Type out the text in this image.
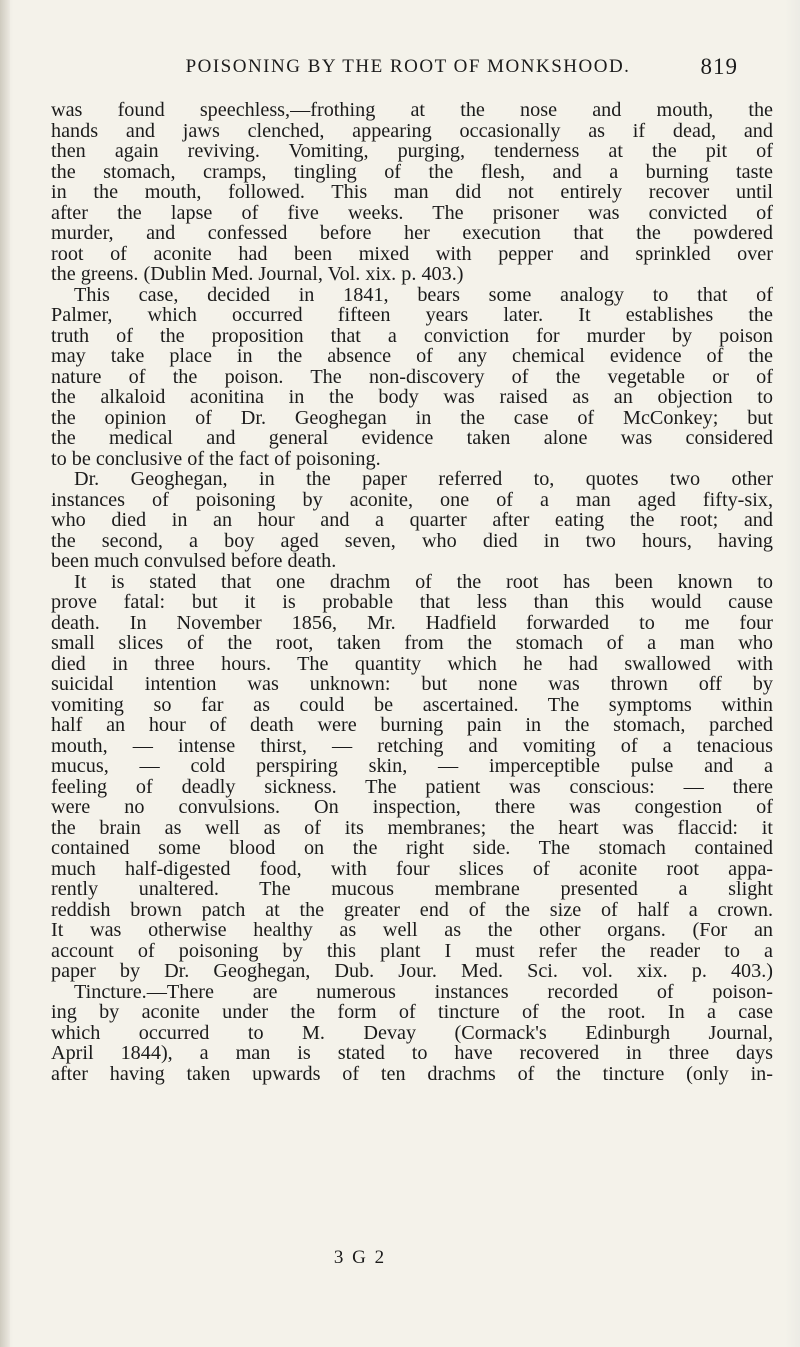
POISONING BY THE ROOT OF MONKSHOOD.	819
was found speechless,—frothing at the nose and mouth, the
hands and jaws clenched, appearing occasionally as if dead, and
then again reviving. Vomiting, purging, tenderness at the pit of
the stomach, cramps, tingling of the flesh, and a burning taste
in the mouth, followed. This man did not entirely recover until
after the lapse of five weeks. The prisoner was convicted of
murder, and confessed before her execution that the powdered
root of aconite had been mixed with pepper and sprinkled over
the greens. (Dublin Med. Journal, Vol. xix. p. 403.)
This case, decided in 1841, bears some analogy to that of
Palmer, which occurred fifteen years later. It establishes the
truth of the proposition that a conviction for murder by poison
may take place in the absence of any chemical evidence of the
nature of the poison. The non-discovery of the vegetable or of
the alkaloid aconitina in the body was raised as an objection to
the opinion of Dr. Geoghegan in the case of McConkey; but
the medical and general evidence taken alone was considered
to be conclusive of the fact of poisoning.
Dr. Geoghegan, in the paper referred to, quotes two other
instances of poisoning by aconite, one of a man aged fifty-six,
who died in an hour and a quarter after eating the root; and
the second, a boy aged seven, who died in two hours, having
been much convulsed before death.
It is stated that one drachm of the root has been known to
prove fatal: but it is probable that less than this would cause
death. In November 1856, Mr. Hadfield forwarded to me four
small slices of the root, taken from the stomach of a man who
died in three hours. The quantity which he had swallowed with
suicidal intention was unknown: but none was thrown off by
vomiting so far as could be ascertained. The symptoms within
half an hour of death were burning pain in the stomach, parched
mouth, — intense thirst, — retching and vomiting of a tenacious
mucus, — cold perspiring skin, — imperceptible pulse and a
feeling of deadly sickness. The patient was conscious: — there
were no convulsions. On inspection, there was congestion of
the brain as well as of its membranes; the heart was flaccid: it
contained some blood on the right side. The stomach contained
much half-digested food, with four slices of aconite root appa-
rently unaltered. The mucous membrane presented a slight
reddish brown patch at the greater end of the size of half a crown.
It was otherwise healthy as well as the other organs. (For an
account of poisoning by this plant I must refer the reader to a
paper by Dr. Geoghegan, Dub. Jour. Med. Sci. vol. xix. p. 403.)
Tincture.—There are numerous instances recorded of poison-
ing by aconite under the form of tincture of the root. In a case
which occurred to M. Devay (Cormack's Edinburgh Journal,
April 1844), a man is stated to have recovered in three days
after having taken upwards of ten drachms of the tincture (only in-
3 G 2
